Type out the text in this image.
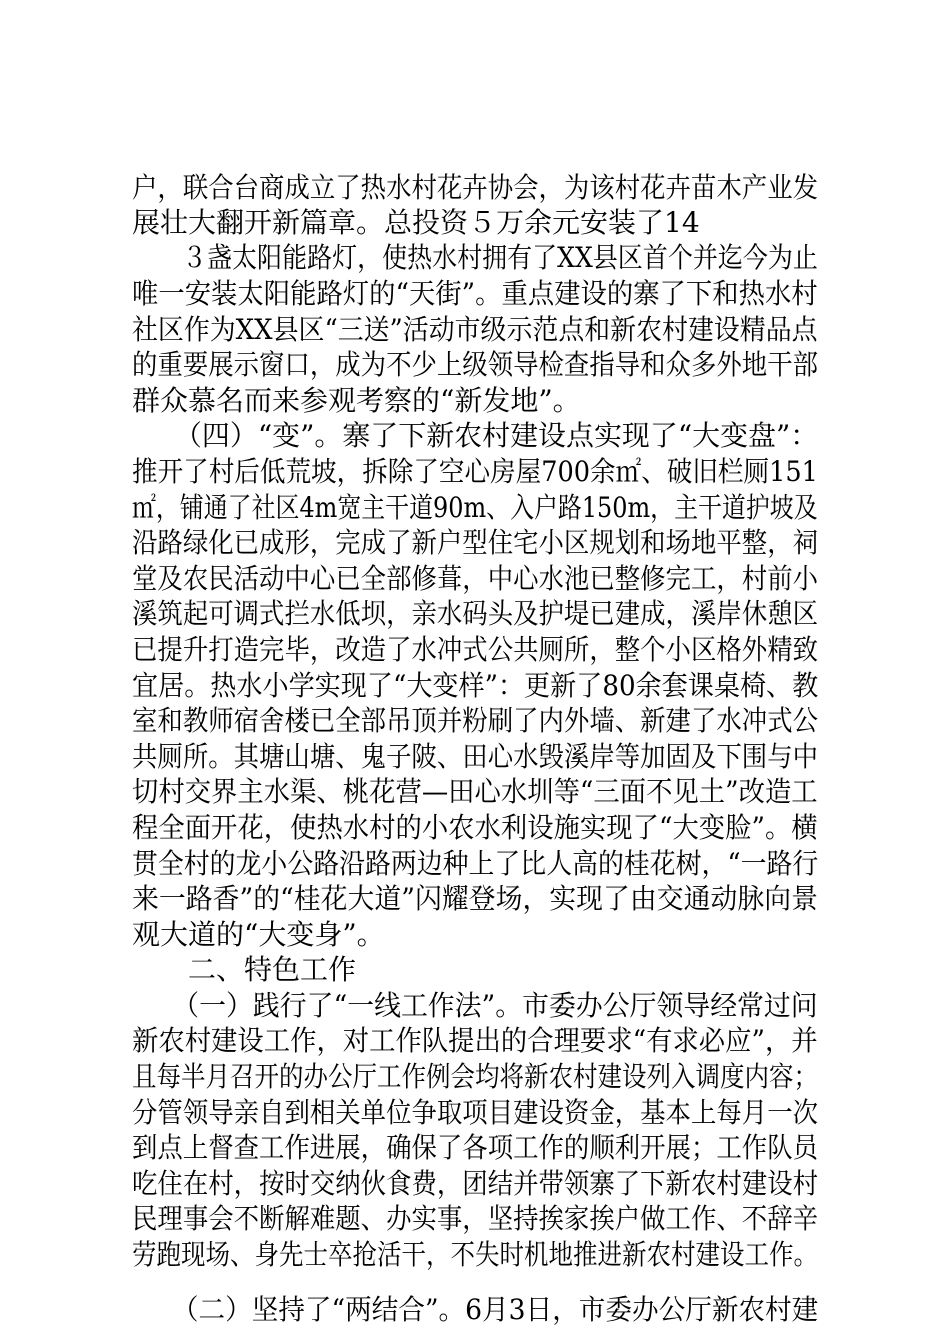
户，联合台商成立了热水村花卉协会，为该村花卉苗木产业发
展壮大翻开新篇章。总投资５万余元安装了14
　　３盏太阳能路灯，使热水村拥有了XX县区首个并迄今为止
唯一安装太阳能路灯的“天街”。重点建设的寨了下和热水村
社区作为XX县区“三送”活动市级示范点和新农村建设精品点
的重要展示窗口，成为不少上级领导检查指导和众多外地干部
群众慕名而来参观考察的“新发地”。
　　（四）“变”。寨了下新农村建设点实现了“大变盘”：
推开了村后低荒坡，拆除了空心房屋700余㎡、破旧栏厕151
㎡，铺通了社区4m宽主干道90m、入户路150m，主干道护坡及
沿路绿化已成形，完成了新户型住宅小区规划和场地平整，祠
堂及农民活动中心已全部修葺，中心水池已整修完工，村前小
溪筑起可调式拦水低坝，亲水码头及护堤已建成，溪岸休憩区
已提升打造完毕，改造了水冲式公共厕所，整个小区格外精致
宜居。热水小学实现了“大变样”：更新了80余套课桌椅、教
室和教师宿舍楼已全部吊顶并粉刷了内外墙、新建了水冲式公
共厕所。其塘山塘、鬼子陂、田心水毁溪岸等加固及下围与中
切村交界主水渠、桃花营—田心水圳等“三面不见土”改造工
程全面开花，使热水村的小农水利设施实现了“大变脸”。横
贯全村的龙小公路沿路两边种上了比人高的桂花树，“一路行
来一路香”的“桂花大道”闪耀登场，实现了由交通动脉向景
观大道的“大变身”。
　　二、特色工作
　　（一）践行了“一线工作法”。市委办公厅领导经常过问
新农村建设工作，对工作队提出的合理要求“有求必应”，并
且每半月召开的办公厅工作例会均将新农村建设列入调度内容；
分管领导亲自到相关单位争取项目建设资金，基本上每月一次
到点上督查工作进展，确保了各项工作的顺利开展；工作队员
吃住在村，按时交纳伙食费，团结并带领寨了下新农村建设村
民理事会不断解难题、办实事，坚持挨家挨户做工作、不辞辛
劳跑现场、身先士卒抢活干，不失时机地推进新农村建设工作。
　　（二）坚持了“两结合”。6月3日，市委办公厅新农村建
